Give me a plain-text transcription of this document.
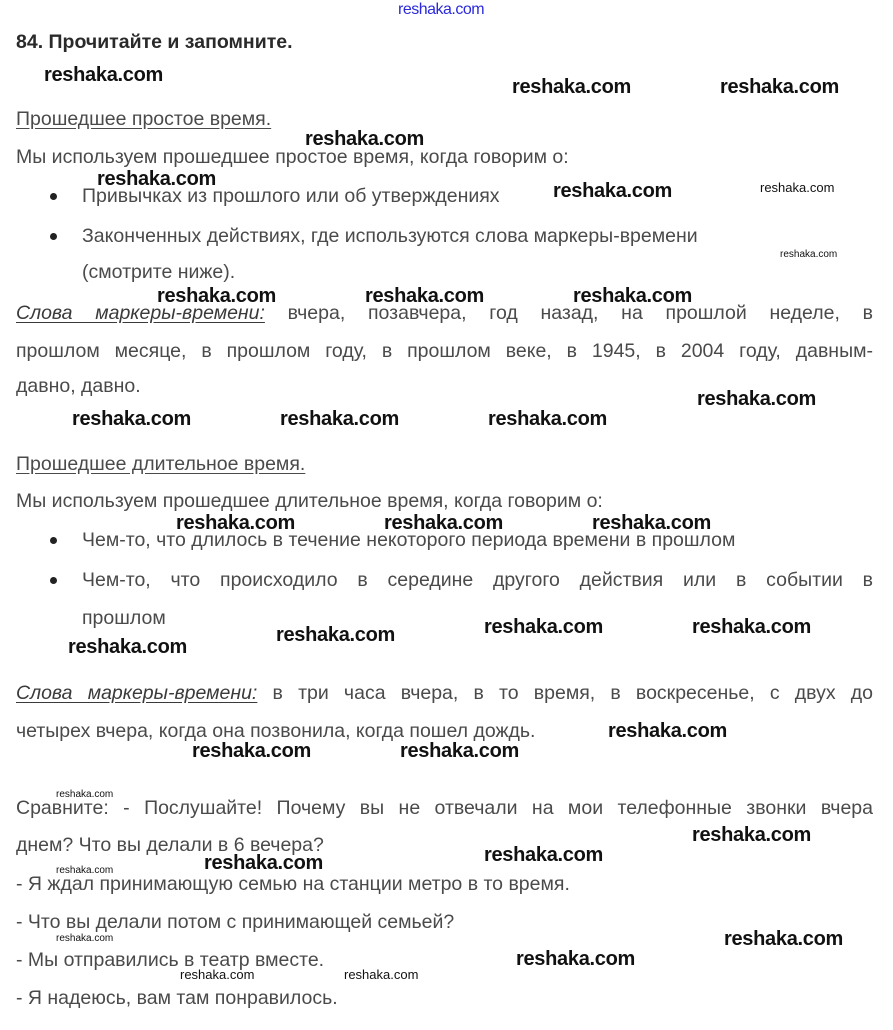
reshaka.com
84. Прочитайте и запомните.
Прошедшее простое время.
Мы используем прошедшее простое время, когда говорим о:
Привычках из прошлого или об утверждениях
Законченных действиях, где используются слова маркеры-времени
(смотрите ниже).
Слова маркеры-времени: вчера, позавчера, год назад, на прошлой неделе, в
прошлом месяце, в прошлом году, в прошлом веке, в 1945, в 2004 году, давным-
давно, давно.
Прошедшее длительное время.
Мы используем прошедшее длительное время, когда говорим о:
Чем-то, что длилось в течение некоторого периода времени в прошлом
Чем-то, что происходило в середине другого действия или в событии в
прошлом
Слова маркеры-времени: в три часа вчера, в то время, в воскресенье, с двух до
четырех вчера, когда она позвонила, когда пошел дождь.
Сравните: - Послушайте! Почему вы не отвечали на мои телефонные звонки вчера
днем? Что вы делали в 6 вечера?
- Я ждал принимающую семью на станции метро в то время.
- Что вы делали потом с принимающей семьей?
- Мы отправились в театр вместе.
- Я надеюсь, вам там понравилось.
reshaka.com
reshaka.com	reshaka.com
reshaka.com
reshaka.com
reshaka.com	reshaka.com
reshaka.com
reshaka.com	reshaka.com	reshaka.com
reshaka.com
reshaka.com	reshaka.com	reshaka.com
reshaka.com	reshaka.com	reshaka.com
reshaka.com	reshaka.com	reshaka.com
reshaka.com
reshaka.com
reshaka.com	reshaka.com
reshaka.com
reshaka.com
reshaka.com
reshaka.com
reshaka.com
reshaka.com
reshaka.com
reshaka.com
reshaka.com	reshaka.com
